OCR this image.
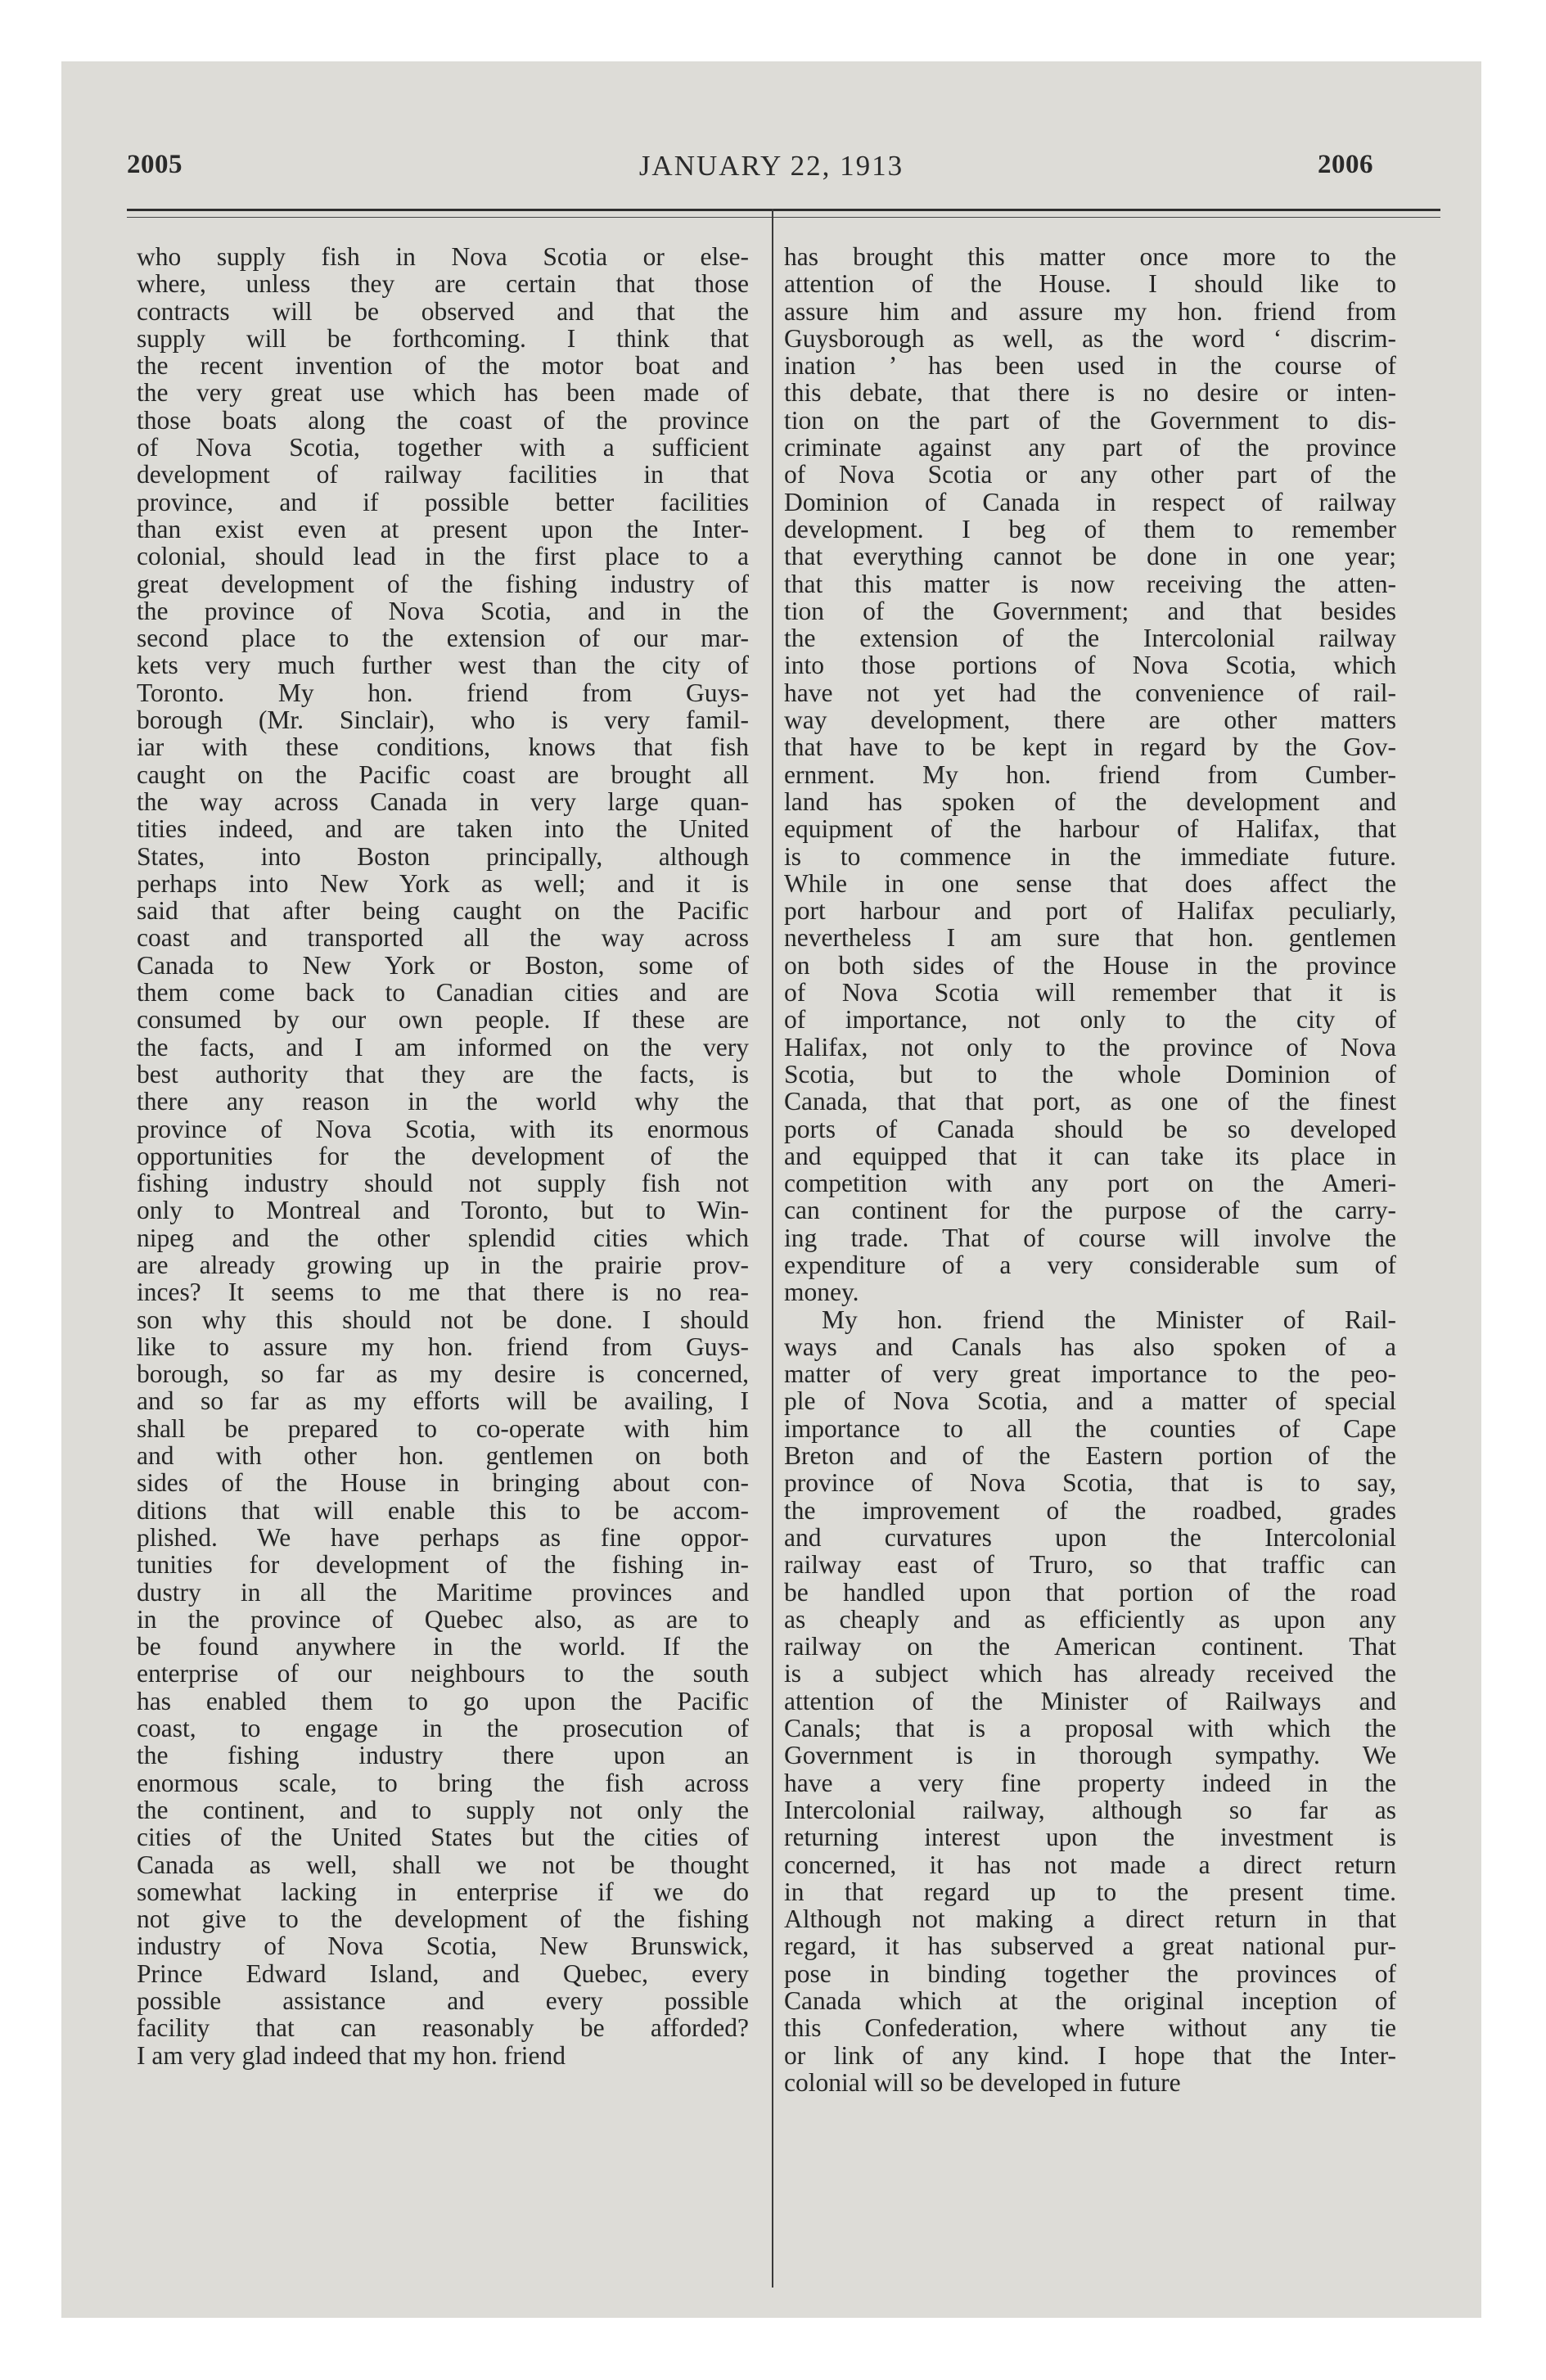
2005	JANUARY 22, 1913	2006
who supply fish in Nova Scotia or else-
where, unless they are certain that those
contracts will be observed and that the
supply will be forthcoming. I think that
the recent invention of the motor boat and
the very great use which has been made of
those boats along the coast of the province
of Nova Scotia, together with a sufficient
development of railway facilities in that
province, and if possible better facilities
than exist even at present upon the Inter-
colonial, should lead in the first place to a
great development of the fishing industry of
the province of Nova Scotia, and in the
second place to the extension of our mar-
kets very much further west than the city of
Toronto. My hon. friend from Guys-
borough (Mr. Sinclair), who is very famil-
iar with these conditions, knows that fish
caught on the Pacific coast are brought all
the way across Canada in very large quan-
tities indeed, and are taken into the United
States, into Boston principally, although
perhaps into New York as well; and it is
said that after being caught on the Pacific
coast and transported all the way across
Canada to New York or Boston, some of
them come back to Canadian cities and are
consumed by our own people. If these are
the facts, and I am informed on the very
best authority that they are the facts, is
there any reason in the world why the
province of Nova Scotia, with its enormous
opportunities for the development of the
fishing industry should not supply fish not
only to Montreal and Toronto, but to Win-
nipeg and the other splendid cities which
are already growing up in the prairie prov-
inces? It seems to me that there is no rea-
son why this should not be done. I should
like to assure my hon. friend from Guys-
borough, so far as my desire is concerned,
and so far as my efforts will be availing, I
shall be prepared to co-operate with him
and with other hon. gentlemen on both
sides of the House in bringing about con-
ditions that will enable this to be accom-
plished. We have perhaps as fine oppor-
tunities for development of the fishing in-
dustry in all the Maritime provinces and
in the province of Quebec also, as are to
be found anywhere in the world. If the
enterprise of our neighbours to the south
has enabled them to go upon the Pacific
coast, to engage in the prosecution of
the fishing industry there upon an
enormous scale, to bring the fish across
the continent, and to supply not only the
cities of the United States but the cities of
Canada as well, shall we not be thought
somewhat lacking in enterprise if we do
not give to the development of the fishing
industry of Nova Scotia, New Brunswick,
Prince Edward Island, and Quebec, every
possible assistance and every possible
facility that can reasonably be afforded?
I am very glad indeed that my hon. friend
has brought this matter once more to the
attention of the House. I should like to
assure him and assure my hon. friend from
Guysborough as well, as the word ‘ discrim-
ination ’ has been used in the course of
this debate, that there is no desire or inten-
tion on the part of the Government to dis-
criminate against any part of the province
of Nova Scotia or any other part of the
Dominion of Canada in respect of railway
development. I beg of them to remember
that everything cannot be done in one year;
that this matter is now receiving the atten-
tion of the Government; and that besides
the extension of the Intercolonial railway
into those portions of Nova Scotia, which
have not yet had the convenience of rail-
way development, there are other matters
that have to be kept in regard by the Gov-
ernment. My hon. friend from Cumber-
land has spoken of the development and
equipment of the harbour of Halifax, that
is to commence in the immediate future.
While in one sense that does affect the
port harbour and port of Halifax peculiarly,
nevertheless I am sure that hon. gentlemen
on both sides of the House in the province
of Nova Scotia will remember that it is
of importance, not only to the city of
Halifax, not only to the province of Nova
Scotia, but to the whole Dominion of
Canada, that that port, as one of the finest
ports of Canada should be so developed
and equipped that it can take its place in
competition with any port on the Ameri-
can continent for the purpose of the carry-
ing trade. That of course will involve the
expenditure of a very considerable sum of
money.
My hon. friend the Minister of Rail-
ways and Canals has also spoken of a
matter of very great importance to the peo-
ple of Nova Scotia, and a matter of special
importance to all the counties of Cape
Breton and of the Eastern portion of the
province of Nova Scotia, that is to say,
the improvement of the roadbed, grades
and curvatures upon the Intercolonial
railway east of Truro, so that traffic can
be handled upon that portion of the road
as cheaply and as efficiently as upon any
railway on the American continent. That
is a subject which has already received the
attention of the Minister of Railways and
Canals; that is a proposal with which the
Government is in thorough sympathy. We
have a very fine property indeed in the
Intercolonial railway, although so far as
returning interest upon the investment is
concerned, it has not made a direct return
in that regard up to the present time.
Although not making a direct return in that
regard, it has subserved a great national pur-
pose in binding together the provinces of
Canada which at the original inception of
this Confederation, where without any tie
or link of any kind. I hope that the Inter-
colonial will so be developed in future
